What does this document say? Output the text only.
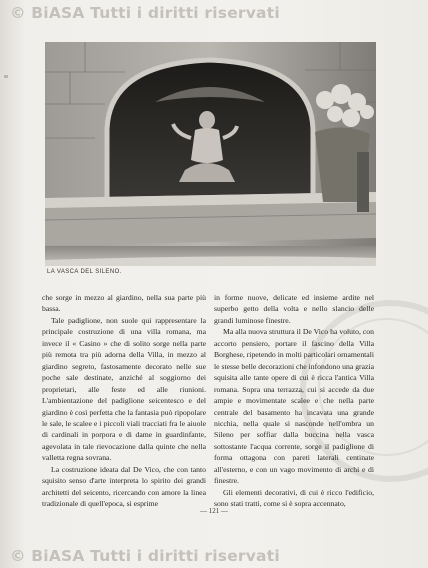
© BiASA Tutti i diritti riservati
LA VASCA DEL SILENO.

che sorge in mezzo al giardino, nella sua parte più bassa.

Tale padiglione, non suole qui rappresentare la principale costruzione di una villa romana, ma invece il « Casino » che di solito sorge nella parte più remota tra più adorna della Villa, in mezzo al giardino segreto, fastosamente decorato nelle sue poche sale destinate, anziché al soggiorno dei proprietari, alle feste ed alle riunioni. L'ambientazione del padiglione seicentesco e del giardino è così perfetta che la fantasia può ripopolare le sale, le scalee e i piccoli viali tracciati fra le aiuole di cardinali in porpora e di dame in guardinfante, agevolata in tale rievocazione dalla quinte che nella valletta regna sovrana.

La costruzione ideata dal De Vico, che con tanto squisito senso d'arte interpreta lo spirito dei grandi architetti del seicento, ricercando con amore la linea tradizionale di quell'epoca, si esprime

in forme nuove, delicate ed insieme ardite nel superbo getto della volta e nello slancio delle grandi luminose finestre.

Ma alla nuova struttura il De Vico ha voluto, con accorto pensiero, portare il fascino della Villa Borghese, ripetendo in molti particolari ornamentali le stesse belle decorazioni che infondono una grazia squisita alle tante opere di cui è ricca l'antica Villa romana. Sopra una terrazza, cui si accede da due ampie e movimentate scalee e che nella parte centrale del basamento ha incavata una grande nicchia, nella quale si nasconde nell'ombra un Sileno per soffiar dalla buccina nella vasca sottostante l'acqua corrente, sorge il padiglione di forma ottagona con pareti laterali centinate all'esterno, e con un vago movimento di archi e di finestre.

Gli elementi decorativi, di cui è ricco l'edificio, sono stati tratti, come si è sopra accennato,

— 121 —
© BiASA Tutti i diritti riservati
